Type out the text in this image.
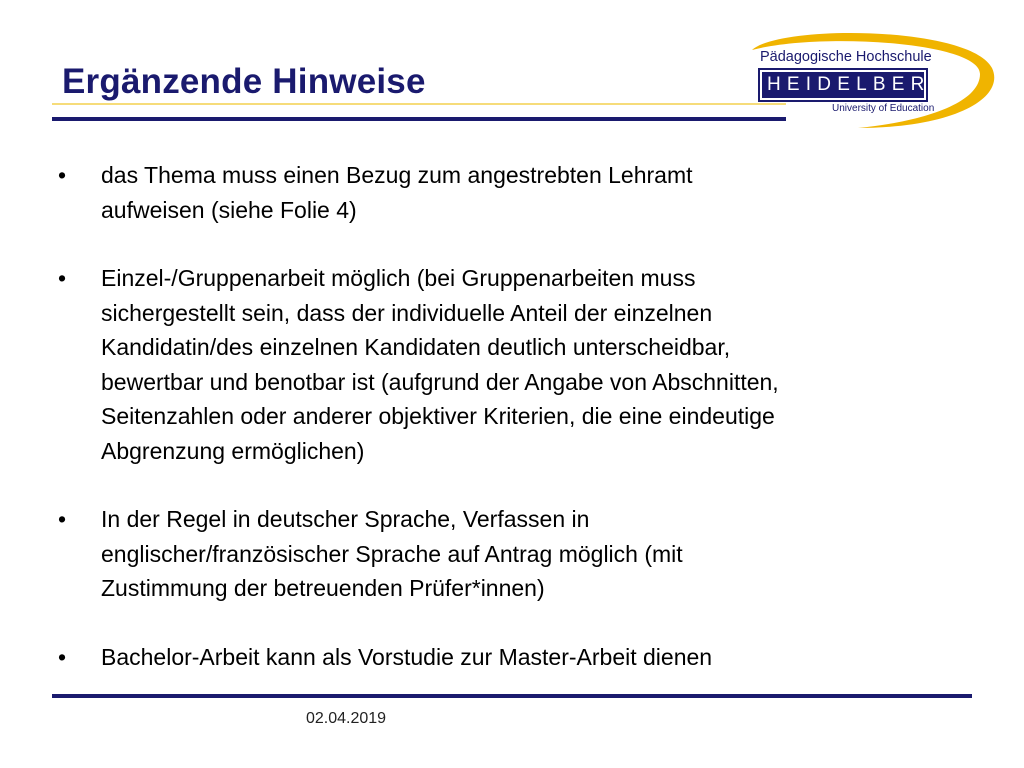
Ergänzende Hinweise
Pädagogische Hochschule
HEIDELBERG
University of Education
•	das Thema muss einen Bezug zum angestrebten Lehramt
aufweisen (siehe Folie 4)
•	Einzel-/Gruppenarbeit möglich (bei Gruppenarbeiten muss
sichergestellt sein, dass der individuelle Anteil der einzelnen
Kandidatin/des einzelnen Kandidaten deutlich unterscheidbar,
bewertbar und benotbar ist (aufgrund der Angabe von Abschnitten,
Seitenzahlen oder anderer objektiver Kriterien, die eine eindeutige
Abgrenzung ermöglichen)
•	In der Regel in deutscher Sprache, Verfassen in
englischer/französischer Sprache auf Antrag möglich (mit
Zustimmung der betreuenden Prüfer*innen)
•	Bachelor-Arbeit kann als Vorstudie zur Master-Arbeit dienen
02.04.2019
